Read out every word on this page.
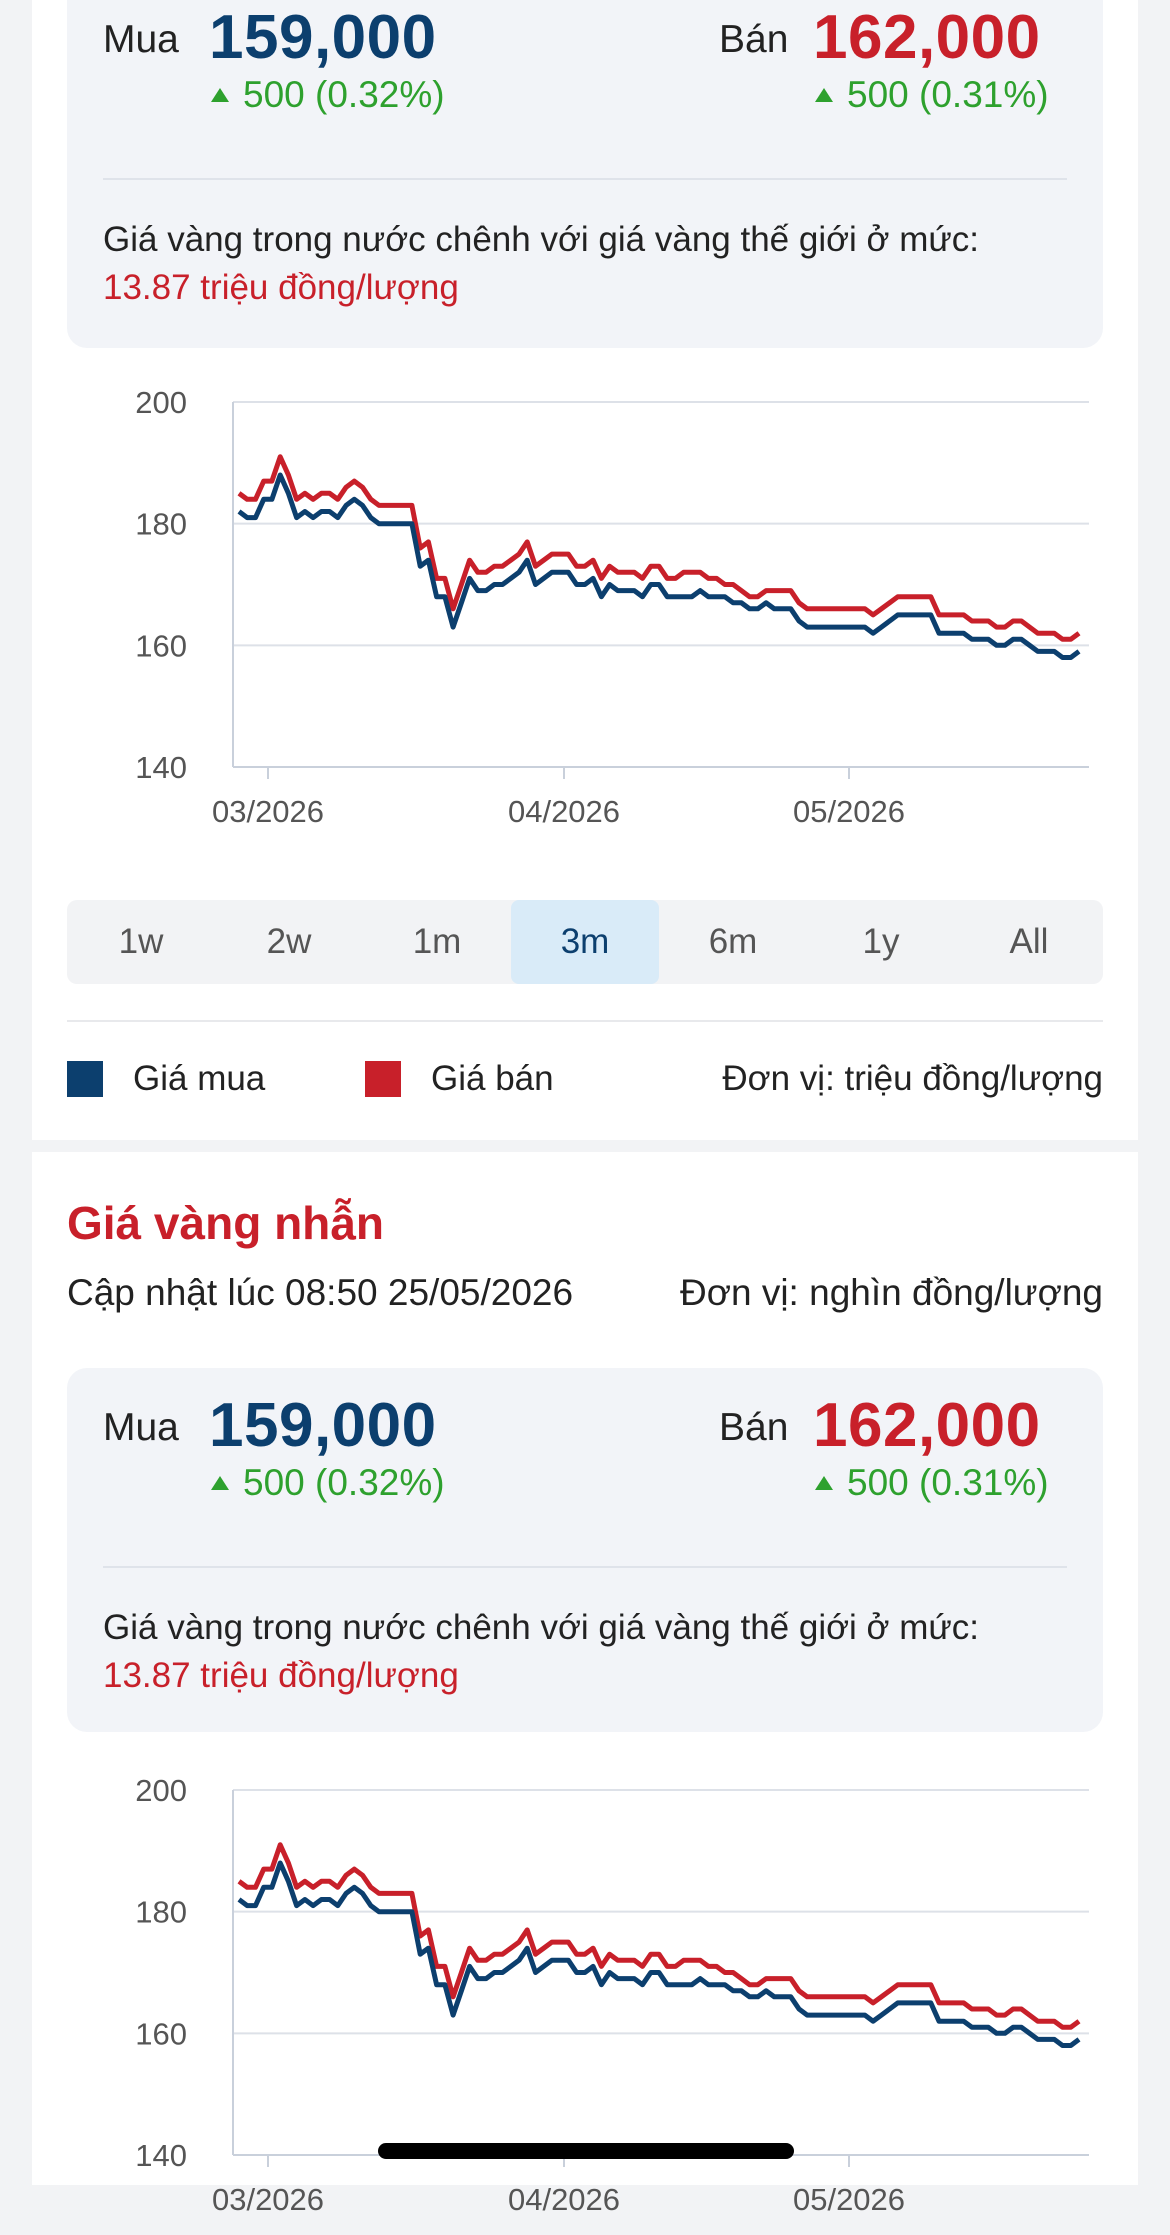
Mua 159,000
500 (0.32%)
Bán 162,000
500 (0.31%)
Giá vàng trong nước chênh với giá vàng thế giới ở mức:
13.87 triệu đồng/lượng
140
160
180
200
03/2026	04/2026	05/2026
1w	2w	1m	3m	6m	1y	All
Giá mua	Giá bán	Đơn vị: triệu đồng/lượng
Giá vàng nhẫn
Cập nhật lúc 08:50 25/05/2026	Đơn vị: nghìn đồng/lượng
Mua 159,000
500 (0.32%)
Bán 162,000
500 (0.31%)
Giá vàng trong nước chênh với giá vàng thế giới ở mức:
13.87 triệu đồng/lượng
140
160
180
200
03/2026	04/2026	05/2026
